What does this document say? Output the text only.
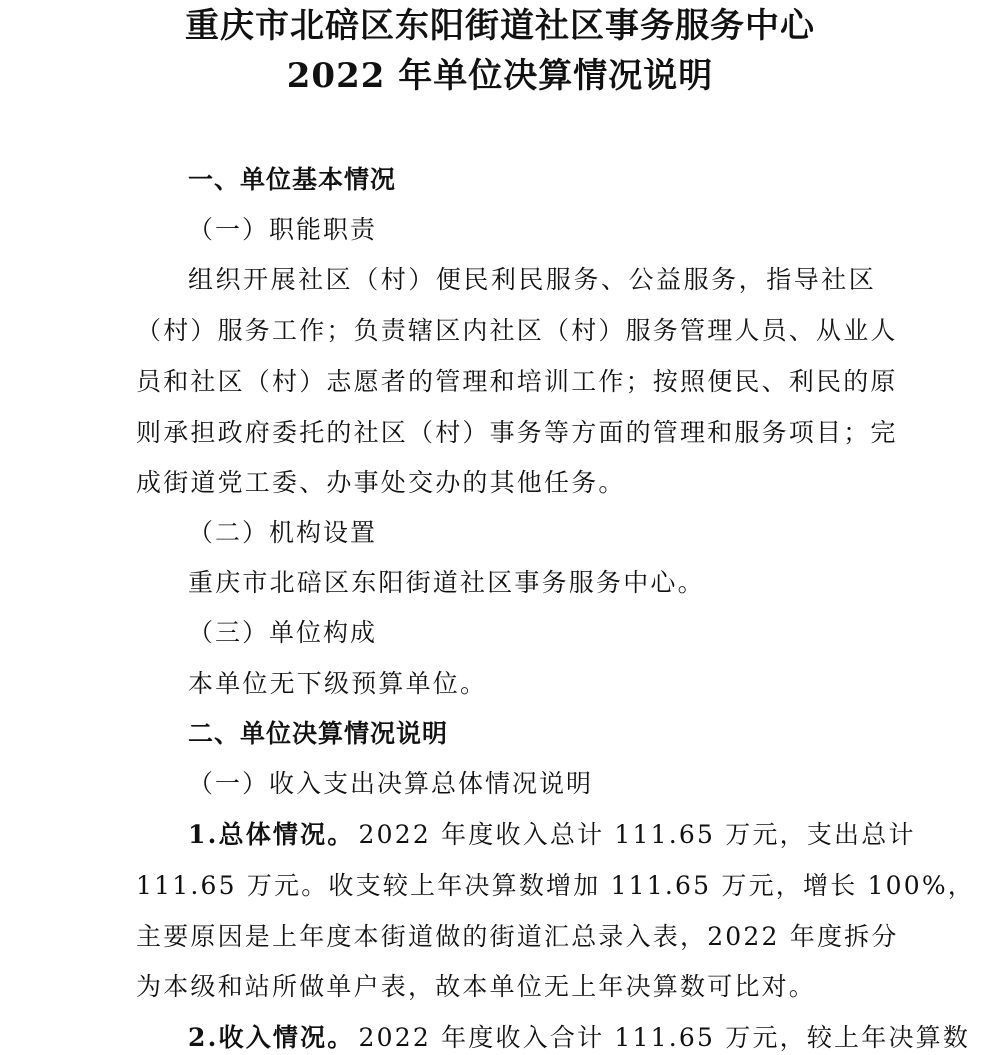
重庆市北碚区东阳街道社区事务服务中心
2022 年单位决算情况说明
一、单位基本情况
（一）职能职责
组织开展社区（村）便民利民服务、公益服务，指导社区
（村）服务工作；负责辖区内社区（村）服务管理人员、从业人
员和社区（村）志愿者的管理和培训工作；按照便民、利民的原
则承担政府委托的社区（村）事务等方面的管理和服务项目；完
成街道党工委、办事处交办的其他任务。
（二）机构设置
重庆市北碚区东阳街道社区事务服务中心。
（三）单位构成
本单位无下级预算单位。
二、单位决算情况说明
（一）收入支出决算总体情况说明
1.总体情况。 2022 年度收入总计 111.65 万元，支出总计
111.65 万元。收支较上年决算数增加 111.65 万元，增长 100%，
主要原因是上年度本街道做的街道汇总录入表，2022 年度拆分
为本级和站所做单户表，故本单位无上年决算数可比对。
2.收入情况。 2022 年度收入合计 111.65 万元，较上年决算数
